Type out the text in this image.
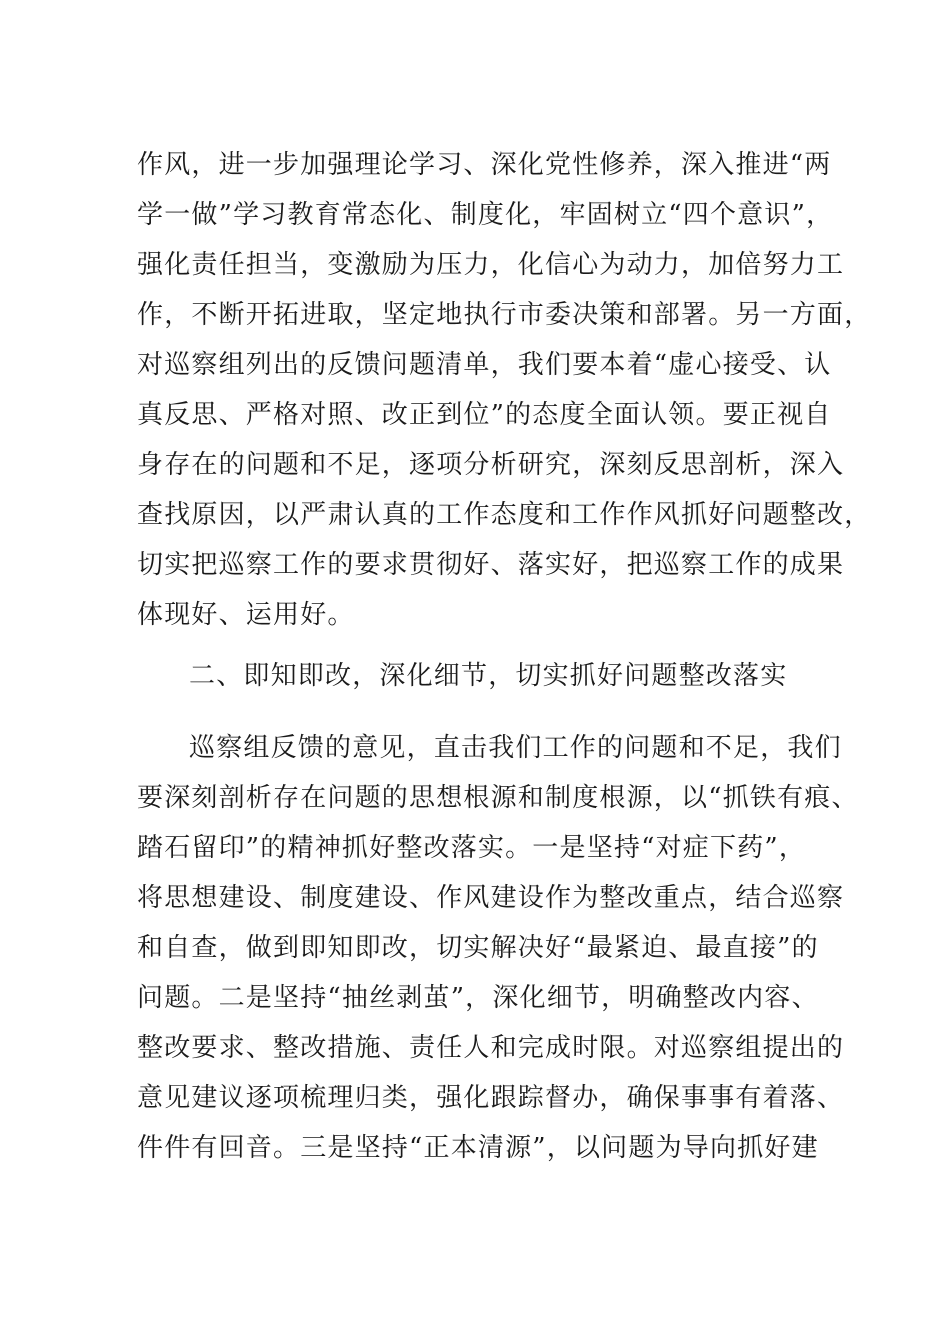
作风，进一步加强理论学习、深化党性修养，深入推进“两
学一做”学习教育常态化、制度化，牢固树立“四个意识”，
强化责任担当，变激励为压力，化信心为动力，加倍努力工
作，不断开拓进取，坚定地执行市委决策和部署。另一方面，
对巡察组列出的反馈问题清单，我们要本着“虚心接受、认
真反思、严格对照、改正到位”的态度全面认领。要正视自
身存在的问题和不足，逐项分析研究，深刻反思剖析，深入
查找原因，以严肃认真的工作态度和工作作风抓好问题整改，
切实把巡察工作的要求贯彻好、落实好，把巡察工作的成果
体现好、运用好。
二、即知即改，深化细节，切实抓好问题整改落实
巡察组反馈的意见，直击我们工作的问题和不足，我们
要深刻剖析存在问题的思想根源和制度根源，以“抓铁有痕、
踏石留印”的精神抓好整改落实。一是坚持“对症下药”，
将思想建设、制度建设、作风建设作为整改重点，结合巡察
和自查，做到即知即改，切实解决好“最紧迫、最直接”的
问题。二是坚持“抽丝剥茧”，深化细节，明确整改内容、
整改要求、整改措施、责任人和完成时限。对巡察组提出的
意见建议逐项梳理归类，强化跟踪督办，确保事事有着落、
件件有回音。三是坚持“正本清源”，以问题为导向抓好建
